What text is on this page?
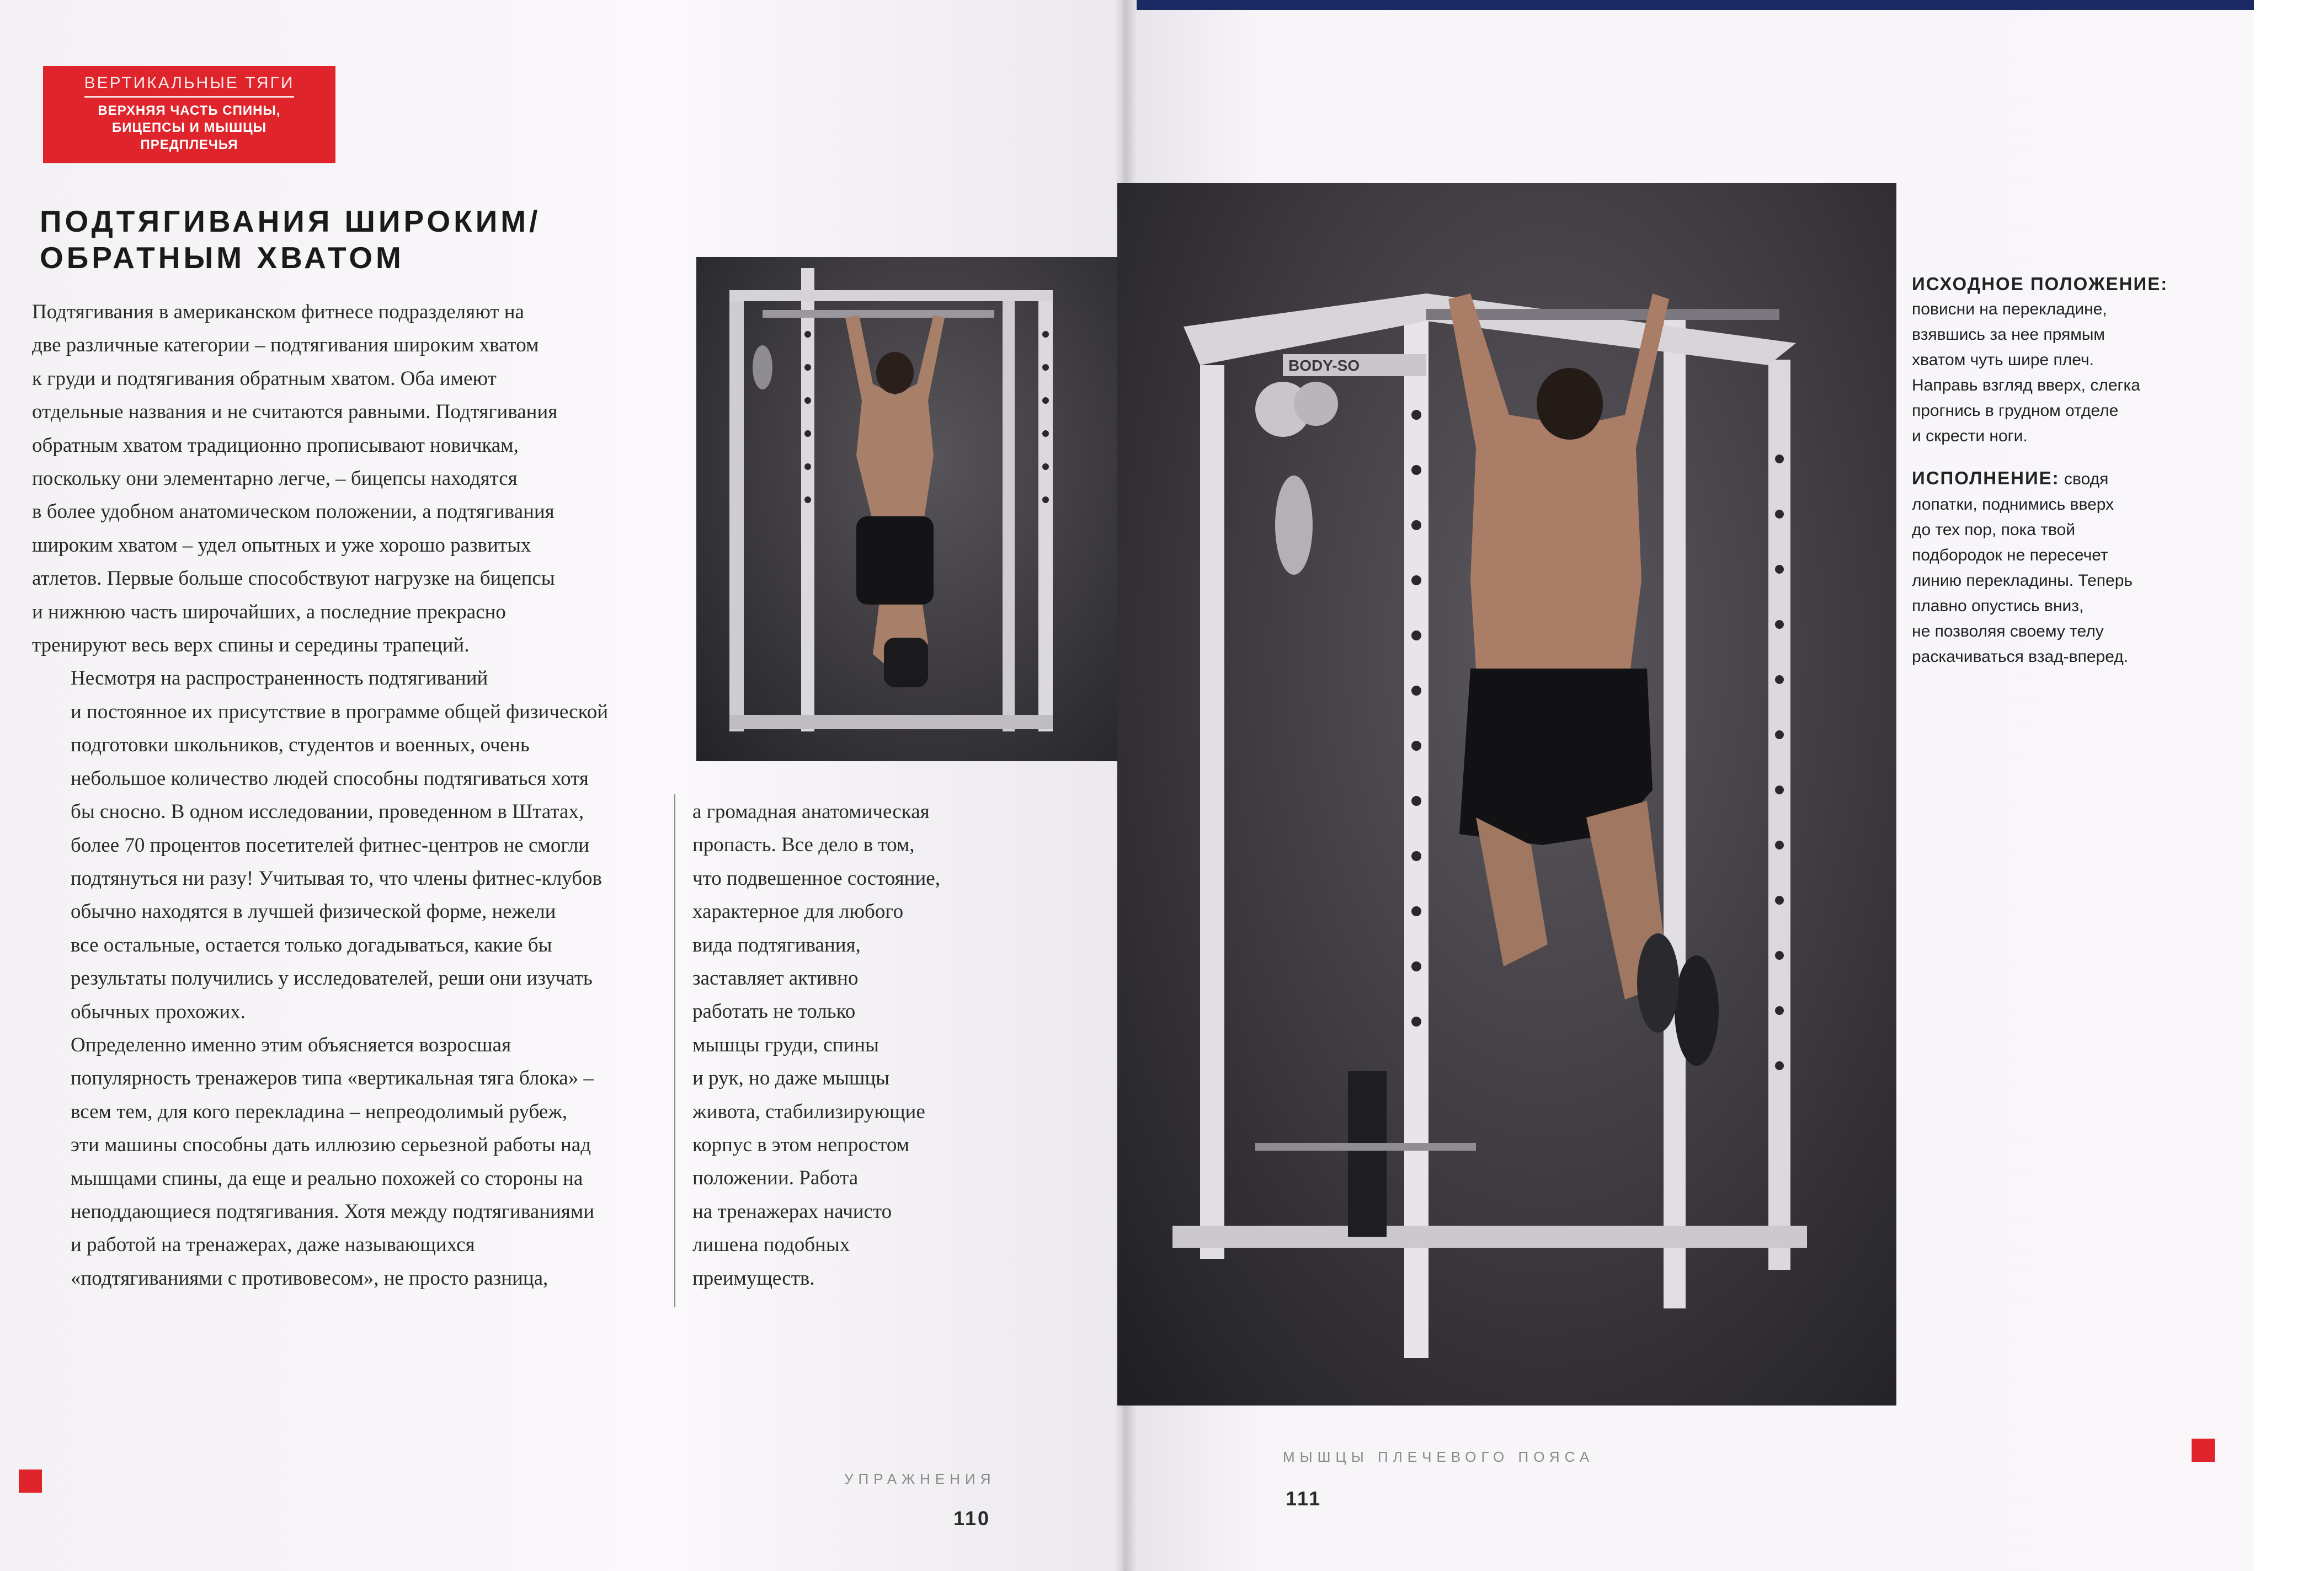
ВЕРТИКАЛЬНЫЕ ТЯГИ
ВЕРХНЯЯ ЧАСТЬ СПИНЫ,
БИЦЕПСЫ И МЫШЦЫ
ПРЕДПЛЕЧЬЯ
ПОДТЯГИВАНИЯ ШИРОКИМ/
ОБРАТНЫМ ХВАТОМ

Подтягивания в американском фитнесе подразделяют на
две различные категории – подтягивания широким хватом
к груди и подтягивания обратным хватом. Оба имеют
отдельные названия и не считаются равными. Подтягивания
обратным хватом традиционно прописывают новичкам,
поскольку они элементарно легче, – бицепсы находятся
в более удобном анатомическом положении, а подтягивания
широким хватом – удел опытных и уже хорошо развитых
атлетов. Первые больше способствуют нагрузке на бицепсы
и нижнюю часть широчайших, а последние прекрасно
тренируют весь верх спины и середины трапеций.

Несмотря на распространенность подтягиваний
и постоянное их присутствие в программе общей физической
подготовки школьников, студентов и военных, очень
небольшое количество людей способны подтягиваться хотя
бы сносно. В одном исследовании, проведенном в Штатах,
более 70 процентов посетителей фитнес-центров не смогли
подтянуться ни разу! Учитывая то, что члены фитнес-клубов
обычно находятся в лучшей физической форме, нежели
все остальные, остается только догадываться, какие бы
результаты получились у исследователей, реши они изучать
обычных прохожих.

Определенно именно этим объясняется возросшая
популярность тренажеров типа «вертикальная тяга блока» –
всем тем, для кого перекладина – непреодолимый рубеж,
эти машины способны дать иллюзию серьезной работы над
мышцами спины, да еще и реально похожей со стороны на
неподдающиеся подтягивания. Хотя между подтягиваниями
и работой на тренажерах, даже называющихся
«подтягиваниями с противовесом», не просто разница,

а громадная анатомическая
пропасть. Все дело в том,
что подвешенное состояние,
характерное для любого
вида подтягивания,
заставляет активно
работать не только
мышцы груди, спины
и рук, но даже мышцы
живота, стабилизирующие
корпус в этом непростом
положении. Работа
на тренажерах начисто
лишена подобных
преимуществ.
BODY-SO
ИСХОДНОЕ ПОЛОЖЕНИЕ:
повисни на перекладине,
взявшись за нее прямым
хватом чуть шире плеч.
Направь взгляд вверх, слегка
прогнись в грудном отделе
и скрести ноги.
ИСПОЛНЕНИЕ: сводя
лопатки, поднимись вверх
до тех пор, пока твой
подбородок не пересечет
линию перекладины. Теперь
плавно опустись вниз,
не позволяя своему телу
раскачиваться взад-вперед.
УПРАЖНЕНИЯ
110
МЫШЦЫ ПЛЕЧЕВОГО ПОЯСА
111
